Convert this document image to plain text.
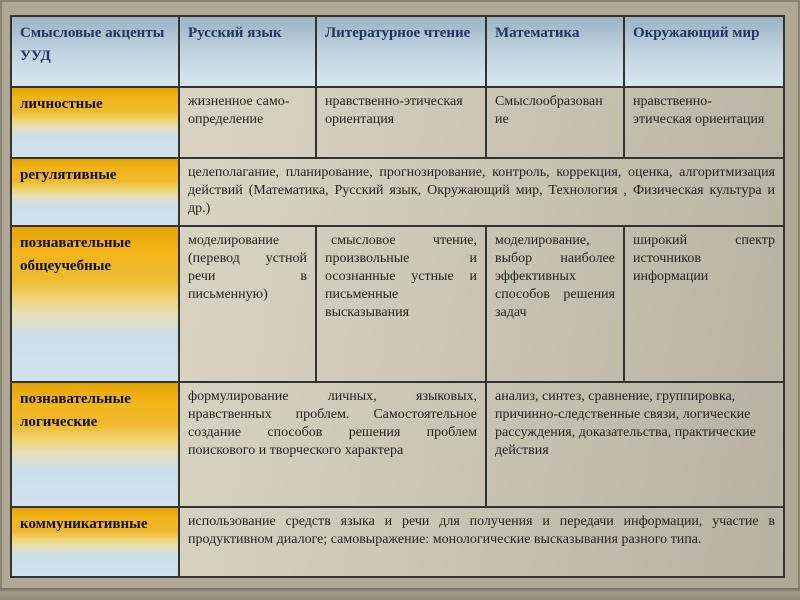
Смысловые акценты УУД	Русский язык	Литературное чтение	Математика	Окружающий мир
личностные	жизненное само-определение	нравственно-этическая ориентация	Смыслообразование	нравственно-этическая ориентация
регулятивные	целеполагание, планирование, прогнозирование, контроль, коррекция, оценка, алгоритмизация действий (Математика, Русский язык, Окружающий мир, Технология , Физическая культура и др.)			
познавательные общеучебные	моделирование (перевод устной речи в письменную)	смысловое чтение, произвольные и осознанные устные и письменные высказывания	моделирование, выбор наиболее эффективных способов решения задач	широкий спектр источников информации
познавательные логические	формулирование личных, языковых, нравственных проблем. Самостоятельное создание способов решения проблем поискового и творческого характера		анализ, синтез, сравнение, группировка, причинно-следственные связи, логические рассуждения, доказательства, практические действия	
коммуникативные	использование средств языка и речи для получения и передачи информации, участие в продуктивном диалоге; самовыражение: монологические высказывания разного типа.			
